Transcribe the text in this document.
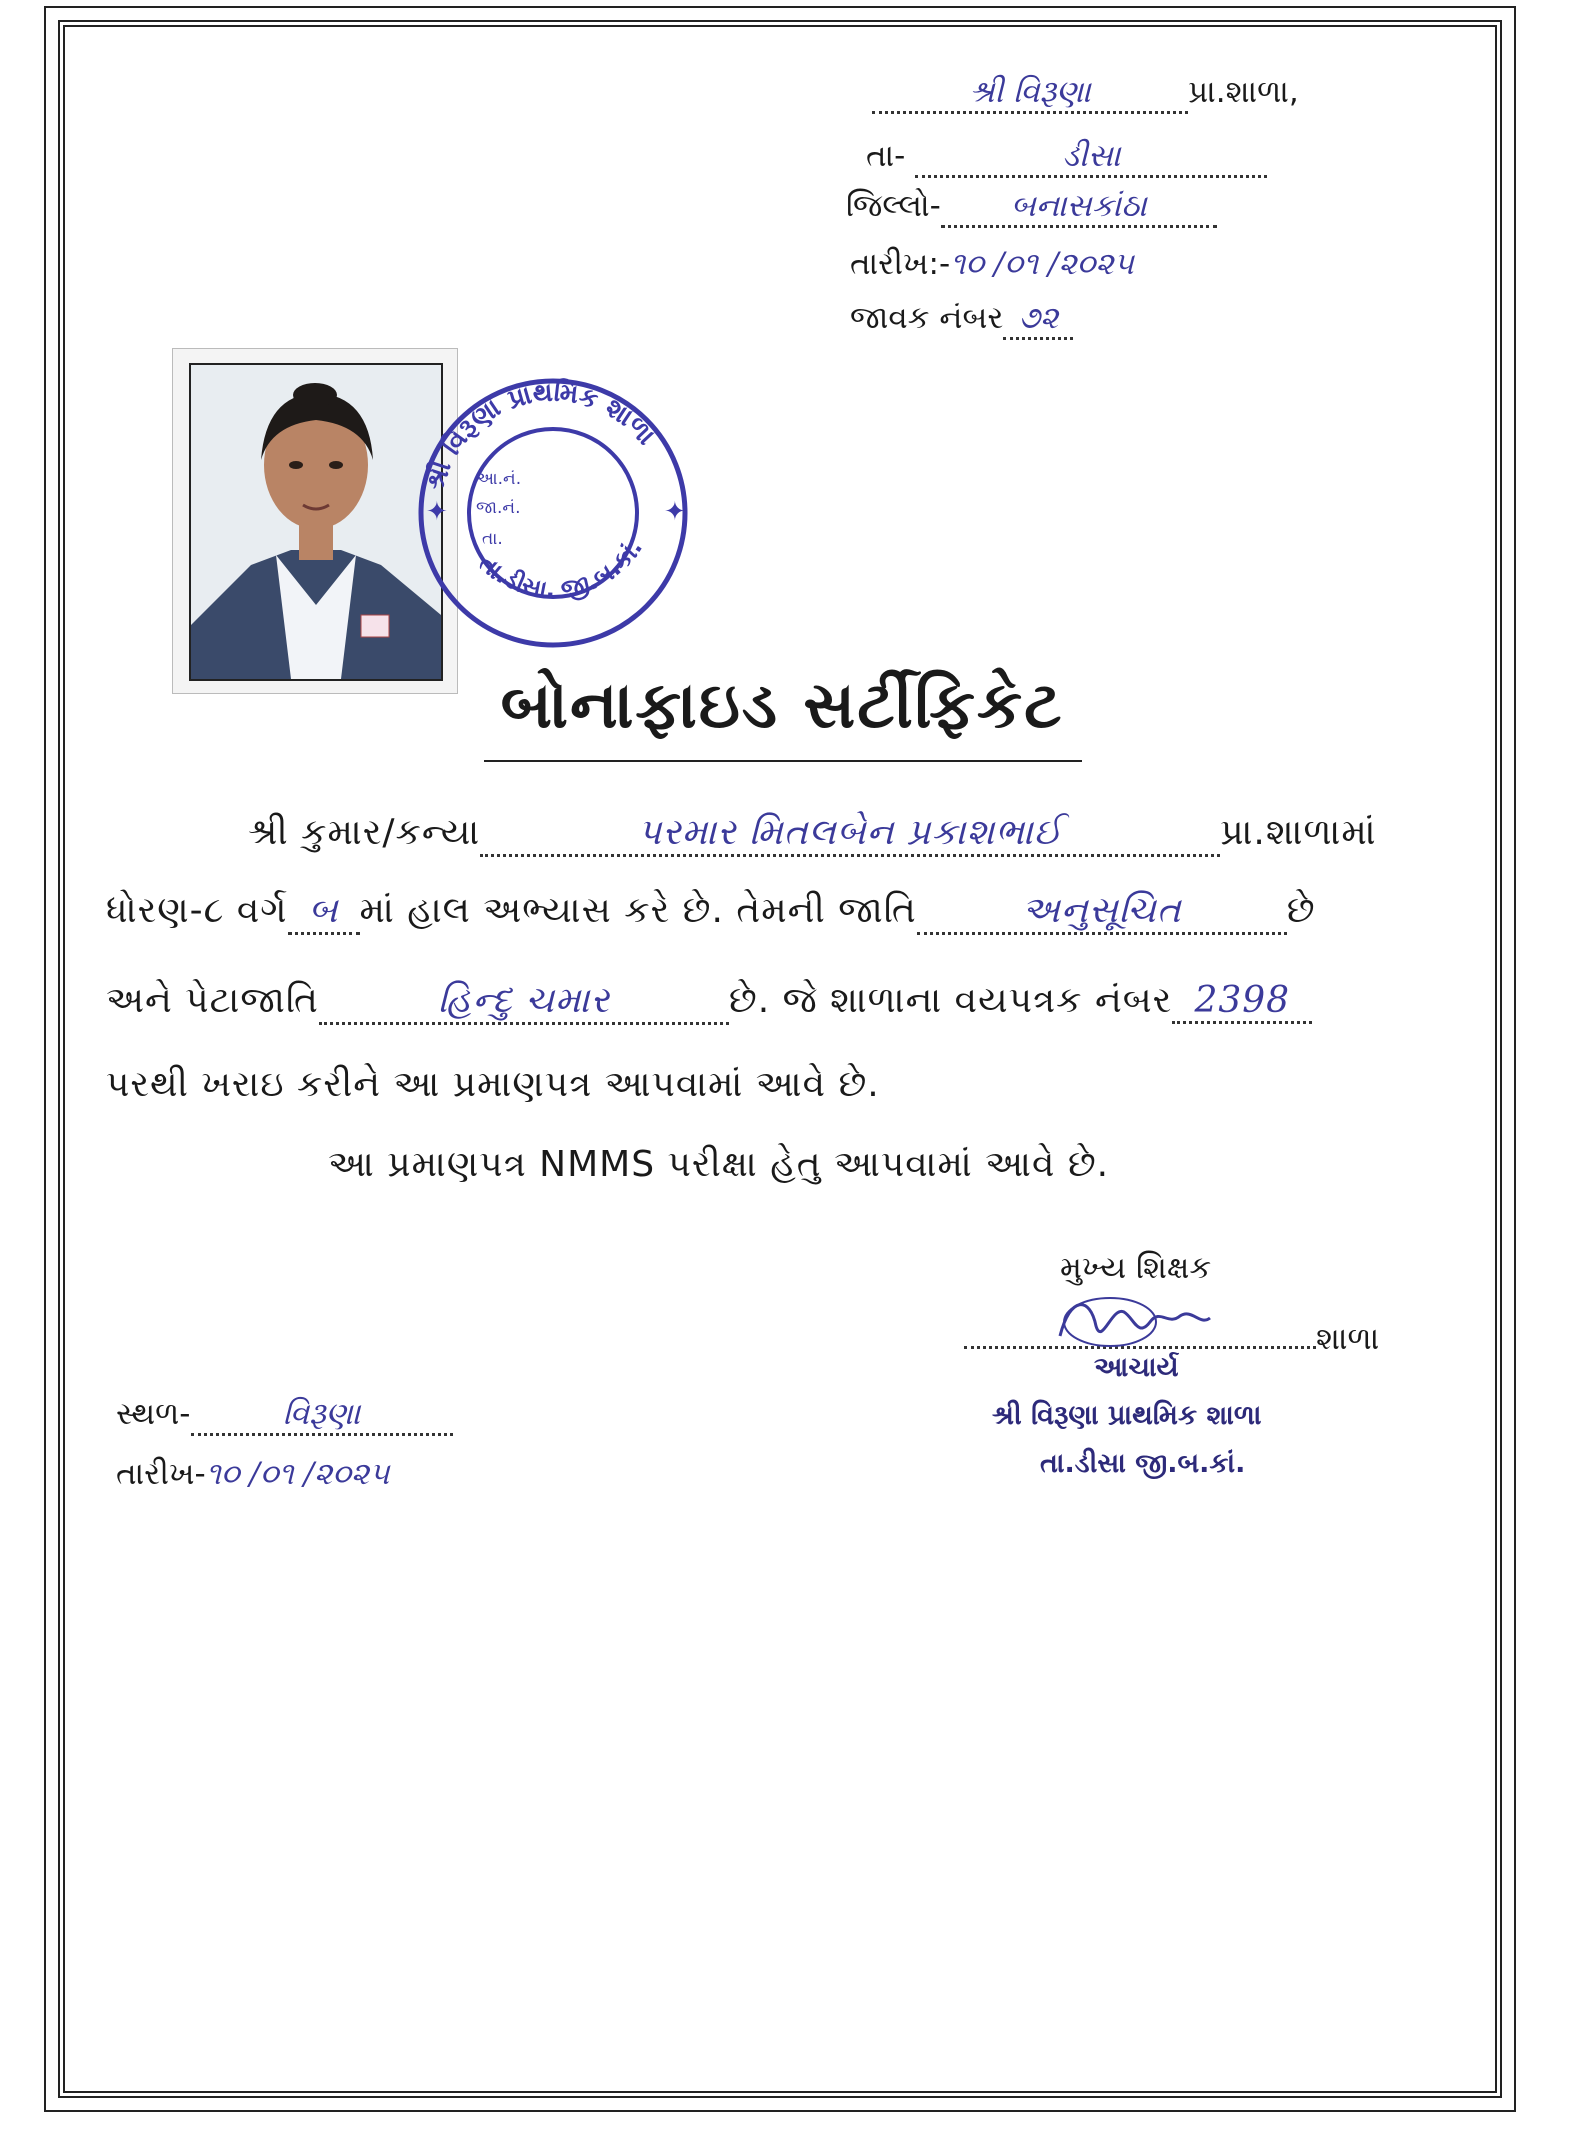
શ્રી વિરૂણા	પ્રા.શાળા,
તા-	ડીસા
જિલ્લો- બનાસકાંઠા
તારીખ:-૧૦ /૦૧ /૨૦૨૫
જાવક નંબર ૭૨
શ્રી વિરૂણા પ્રાથમિક શાળા
તા.ડીસા. જી.બ.કાં.
આ.નં.
જા.નં.
તા.
✦
✦
બોનાફાઇડ સર્ટીફિકેટ
શ્રી કુમાર/કન્યા	પરમાર મિતલબેન પ્રકાશભાઈ	પ્રા.શાળામાં
ધોરણ-૮ વર્ગ બ માં હાલ અભ્યાસ કરે છે. તેમની જાતિ	અનુસૂચિત	છે
અને પેટાજાતિ	હિન્દુ ચમાર	છે. જે શાળાના વયપત્રક નંબર 2398
પરથી ખરાઇ કરીને આ પ્રમાણપત્ર આપવામાં આવે છે.
આ પ્રમાણપત્ર NMMS પરીક્ષા હેતુ આપવામાં આવે છે.
મુખ્ય શિક્ષક
શાળા
આચાર્ય
શ્રી વિરૂણા પ્રાથમિક શાળા
તા.ડીસા જી.બ.કાં.
સ્થળ-	વિરૂણા
તારીખ-૧૦ /૦૧ /૨૦૨૫
